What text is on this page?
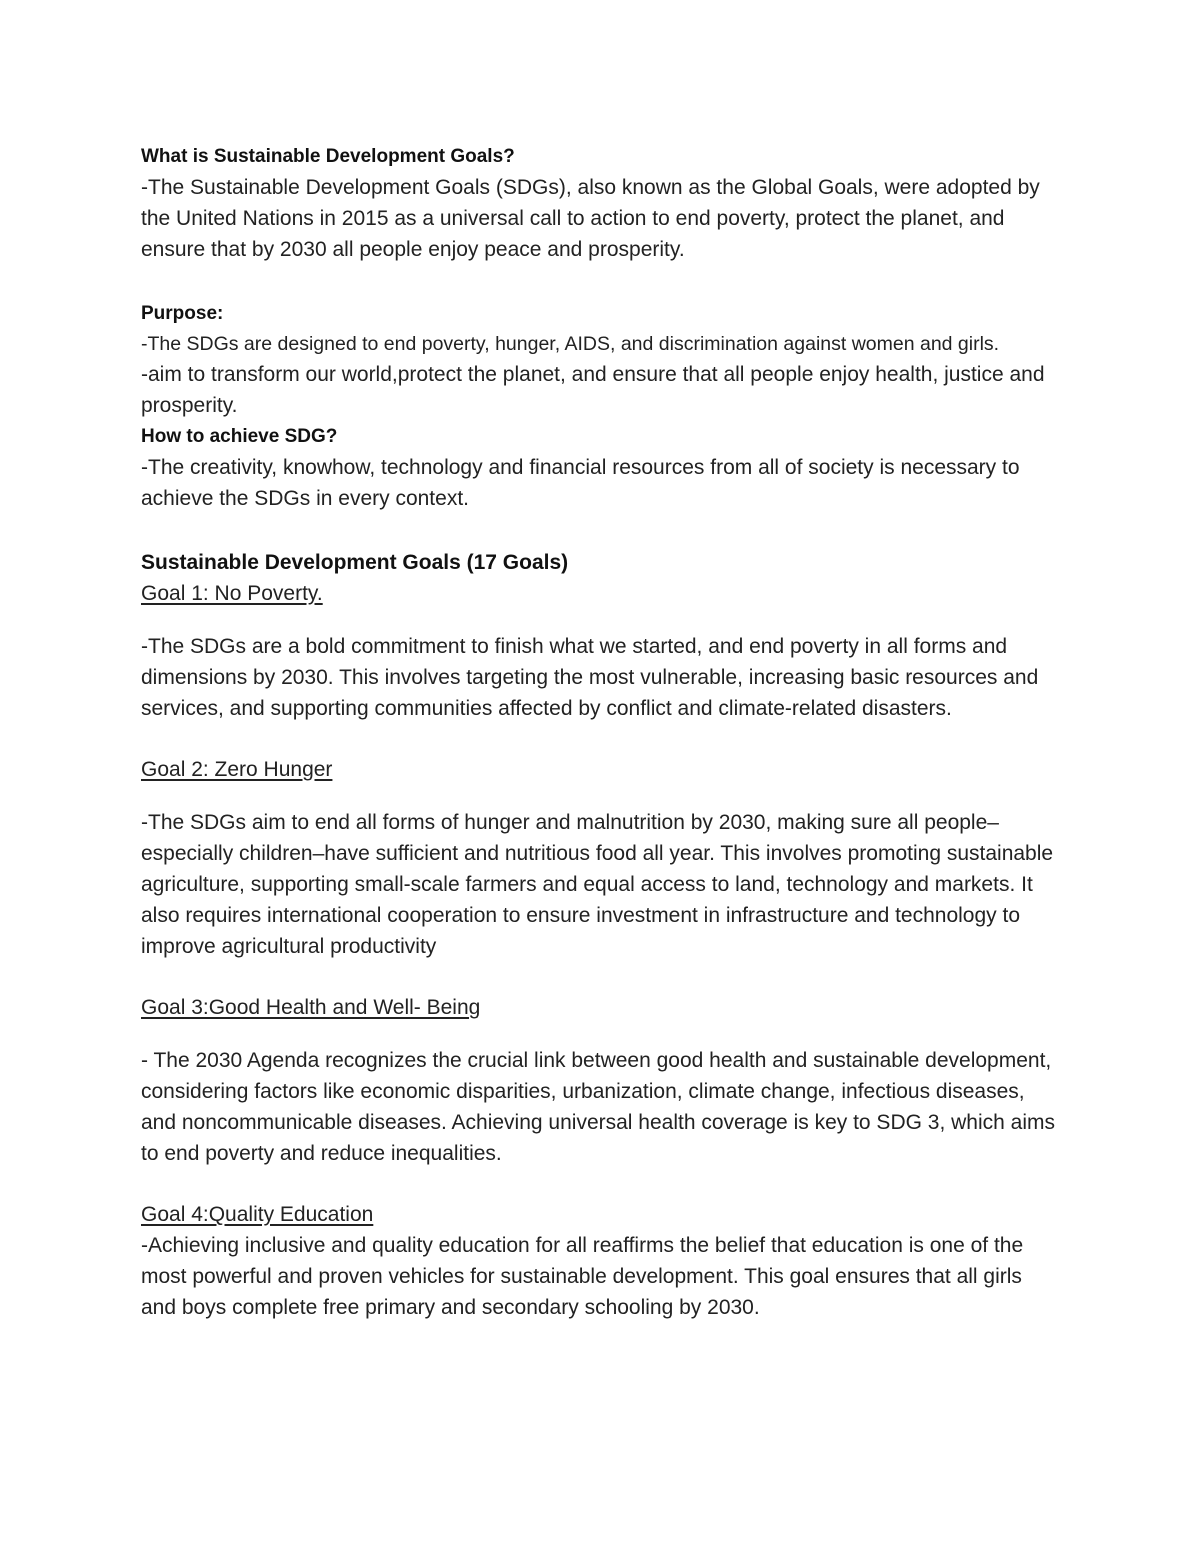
What is Sustainable Development Goals?

-The Sustainable Development Goals (SDGs), also known as the Global Goals, were adopted by the United Nations in 2015 as a universal call to action to end poverty, protect the planet, and ensure that by 2030 all people enjoy peace and prosperity.

Purpose:

-The SDGs are designed to end poverty, hunger, AIDS, and discrimination against women and girls.

-aim to transform our world,protect the planet, and ensure that all people enjoy health, justice and prosperity.

How to achieve SDG?

-The creativity, knowhow, technology and financial resources from all of society is necessary to achieve the SDGs in every context.

Sustainable Development Goals (17 Goals)

Goal 1: No Poverty.

-The SDGs are a bold commitment to finish what we started, and end poverty in all forms and dimensions by 2030. This involves targeting the most vulnerable, increasing basic resources and services, and supporting communities affected by conflict and climate-related disasters.

Goal 2: Zero Hunger

-The SDGs aim to end all forms of hunger and malnutrition by 2030, making sure all people–especially children–have sufficient and nutritious food all year. This involves promoting sustainable agriculture, supporting small-scale farmers and equal access to land, technology and markets. It also requires international cooperation to ensure investment in infrastructure and technology to improve agricultural productivity

Goal 3:Good Health and Well- Being

- The 2030 Agenda recognizes the crucial link between good health and sustainable development, considering factors like economic disparities, urbanization, climate change, infectious diseases, and noncommunicable diseases. Achieving universal health coverage is key to SDG 3, which aims to end poverty and reduce inequalities.

Goal 4:Quality Education

-Achieving inclusive and quality education for all reaffirms the belief that education is one of the most powerful and proven vehicles for sustainable development. This goal ensures that all girls and boys complete free primary and secondary schooling by 2030.
